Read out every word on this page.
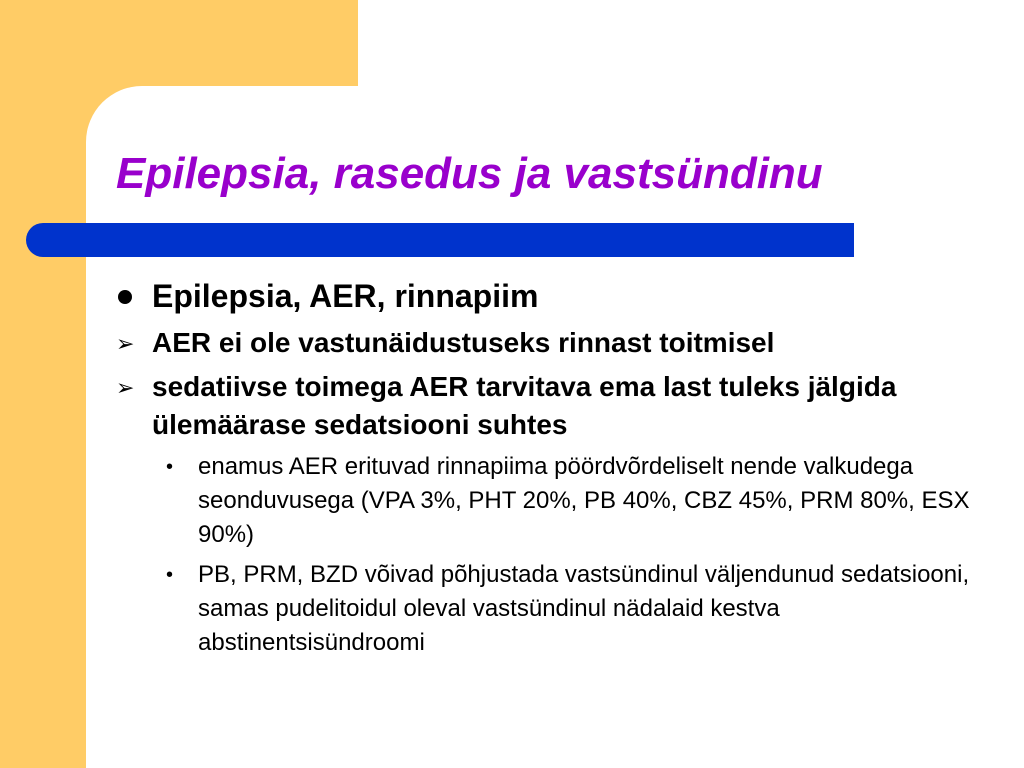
Epilepsia, rasedus ja vastsündinu
Epilepsia, AER, rinnapiim
➢ AER ei ole vastunäidustuseks rinnast toitmisel
➢ sedatiivse toimega AER tarvitava ema last tuleks jälgida ülemäärase sedatsiooni suhtes
• enamus AER erituvad rinnapiima pöördvõrdeliselt nende valkudega seonduvusega (VPA 3%, PHT 20%, PB 40%, CBZ 45%, PRM 80%, ESX 90%)
• PB, PRM, BZD võivad põhjustada vastsündinul väljendunud sedatsiooni, samas pudelitoidul oleval vastsündinul nädalaid kestva abstinentsisündroomi
